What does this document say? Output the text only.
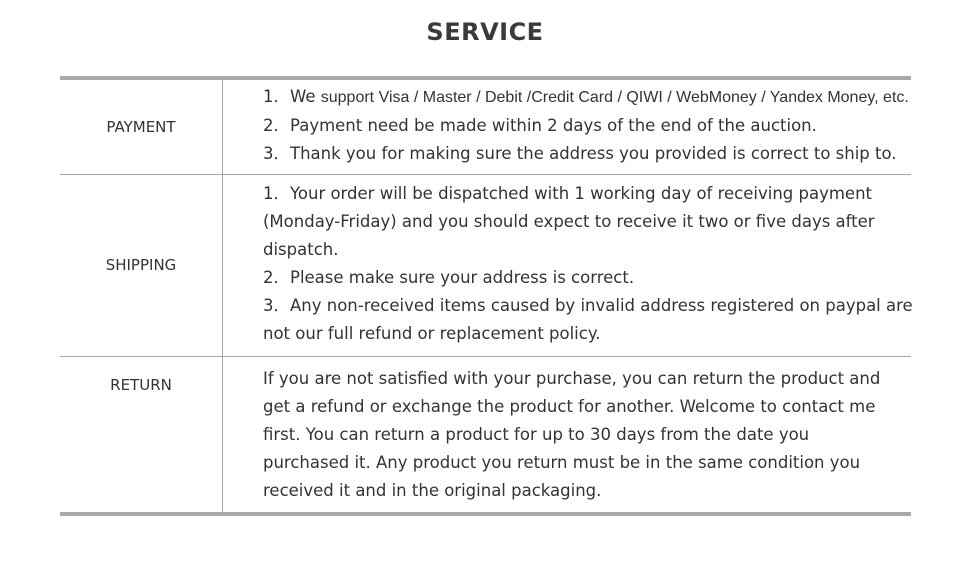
SERVICE
PAYMENT

1．We support Visa / Master / Debit /Credit Card / QIWI / WebMoney / Yandex Money, etc.

2．Payment need be made within 2 days of the end of the auction.

3．Thank you for making sure the address you provided is correct to ship to.

SHIPPING

1．Your order will be dispatched with 1 working day of receiving payment

(Monday-Friday) and you should expect to receive it two or five days after

dispatch.

2．Please make sure your address is correct.

3．Any non-received items caused by invalid address registered on paypal are

not our full refund or replacement policy.

RETURN	If you are not satisfied with your purchase, you can return the product and

get a refund or exchange the product for another. Welcome to contact me

first. You can return a product for up to 30 days from the date you

purchased it. Any product you return must be in the same condition you

received it and in the original packaging.
